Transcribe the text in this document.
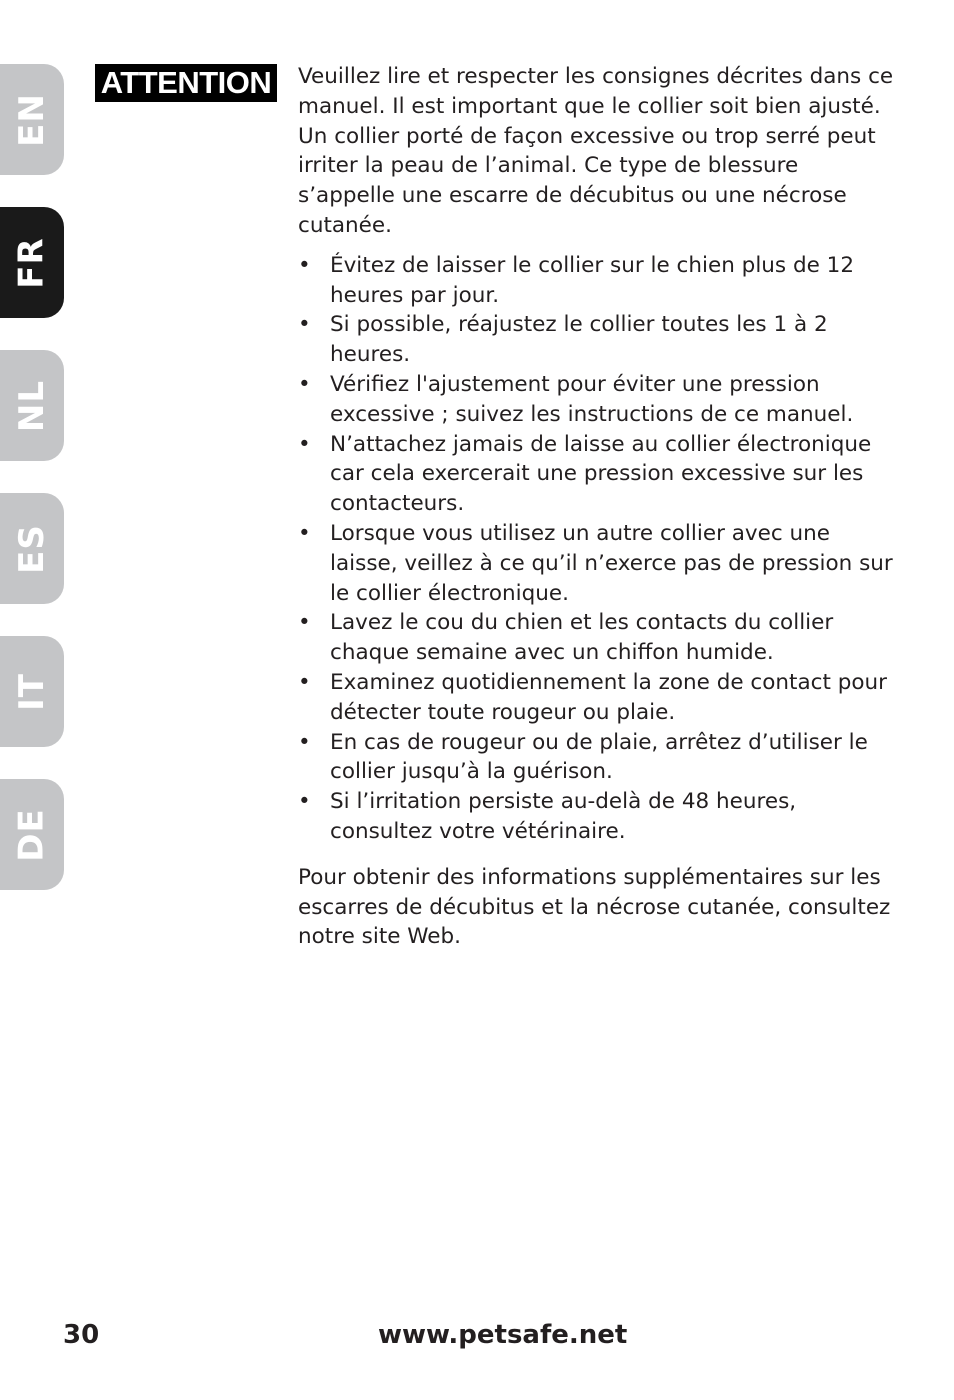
EN
FR
NL
ES
IT
DE
ATTENTION Veuillez lire et respecter les consignes décrites dans ce manuel. Il est important que le collier soit bien ajusté. Un collier porté de façon excessive ou trop serré peut irriter la peau de l’animal. Ce type de blessure s’appelle une escarre de décubitus ou une nécrose cutanée.

• Évitez de laisser le collier sur le chien plus de 12 heures par jour.
• Si possible, réajustez le collier toutes les 1 à 2 heures.
• Vérifiez l'ajustement pour éviter une pression excessive ; suivez les instructions de ce manuel.
• N’attachez jamais de laisse au collier électronique car cela exercerait une pression excessive sur les contacteurs.
• Lorsque vous utilisez un autre collier avec une laisse, veillez à ce qu’il n’exerce pas de pression sur le collier électronique.
• Lavez le cou du chien et les contacts du collier chaque semaine avec un chiffon humide.
• Examinez quotidiennement la zone de contact pour détecter toute rougeur ou plaie.
• En cas de rougeur ou de plaie, arrêtez d’utiliser le collier jusqu’à la guérison.
• Si l’irritation persiste au-delà de 48 heures, consultez votre vétérinaire.

Pour obtenir des informations supplémentaires sur les escarres de décubitus et la nécrose cutanée, consultez notre site Web.

30	www.petsafe.net
